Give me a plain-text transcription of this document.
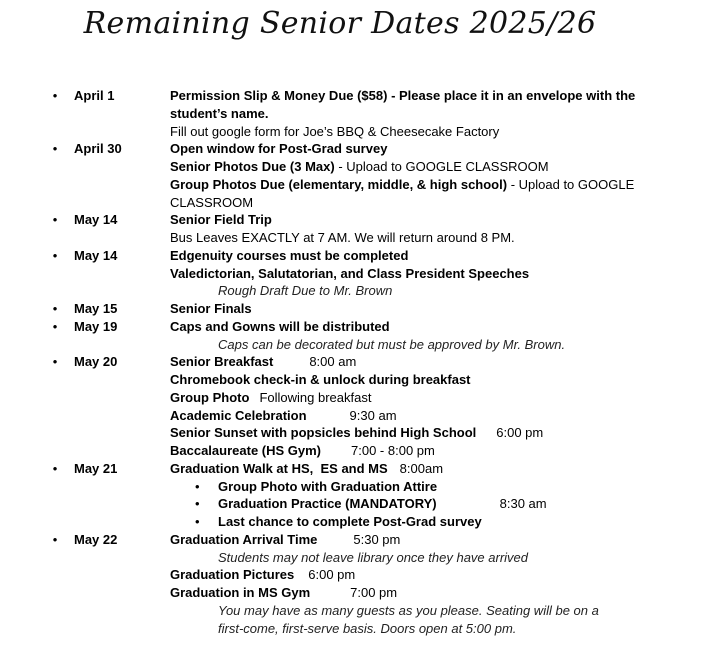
Remaining Senior Dates 2025/26
• April 1	Permission Slip & Money Due ($58) - Please place it in an envelope with the student’s name.
Fill out google form for Joe’s BBQ & Cheesecake Factory
• April 30	Open window for Post-Grad survey
Senior Photos Due (3 Max) - Upload to GOOGLE CLASSROOM
Group Photos Due (elementary, middle, & high school) - Upload to GOOGLE CLASSROOM
• May 14	Senior Field Trip
Bus Leaves EXACTLY at 7 AM. We will return around 8 PM.
• May 14	Edgenuity courses must be completed
Valedictorian, Salutatorian, and Class President Speeches
Rough Draft Due to Mr. Brown
• May 15	Senior Finals
• May 19	Caps and Gowns will be distributed
Caps can be decorated but must be approved by Mr. Brown.
• May 20	Senior Breakfast	8:00 am
Chromebook check-in & unlock during breakfast
Group Photo Following breakfast
Academic Celebration	9:30 am
Senior Sunset with popsicles behind High School 6:00 pm
Baccalaureate (HS Gym) 7:00 - 8:00 pm
• May 21	Graduation Walk at HS,  ES and MS 8:00am
• Group Photo with Graduation Attire
• Graduation Practice (MANDATORY)	8:30 am
• Last chance to complete Post-Grad survey
• May 22	Graduation Arrival Time	5:30 pm
Students may not leave library once they have arrived
Graduation Pictures 6:00 pm
Graduation in MS Gym	7:00 pm
You may have as many guests as you please. Seating will be on a
first-come, first-serve basis. Doors open at 5:00 pm.
